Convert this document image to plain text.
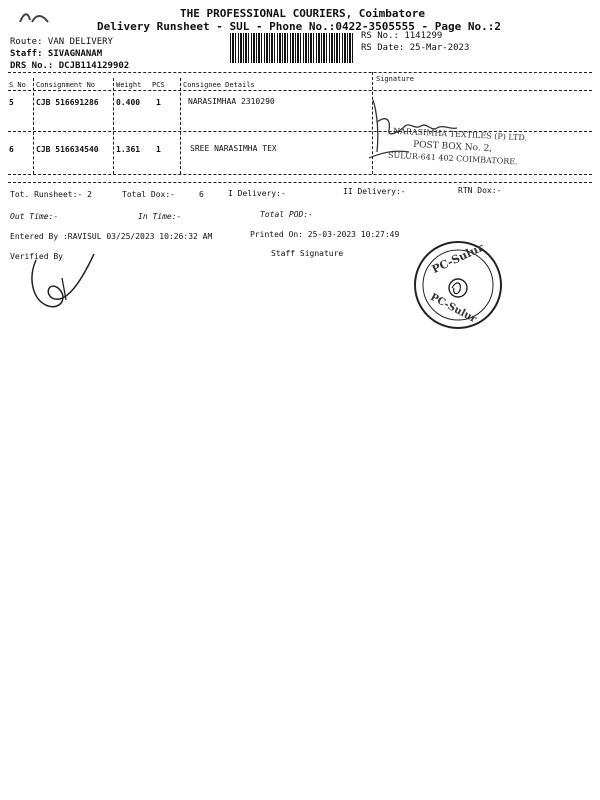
THE PROFESSIONAL COURIERS, Coimbatore
Delivery Runsheet - SUL - Phone No.:0422-3505555 - Page No.:2
Route: VAN DELIVERY
Staff: SIVAGNANAM
DRS No.: DCJB114129902
RS No.: 1141299
RS Date: 25-Mar-2023
S No Consignment No	Weight PCS	Consignee Details
Signature
5	CJB 516691286 0.400 1	NARASIMHAA 2310290
6	CJB 516634540 1.361 1	SREE NARASIMHA TEX
NARASIMHA TEXTILES (P) LTD.
POST BOX No. 2,
SULUR-641 402 COIMBATORE.
Tot. Runsheet:- 2	Total Dox:-	6	I Delivery:-	II Delivery:-	RTN Dox:-
Out Time:-	In Time:-	Total POD:-
Entered By :RAVISUL 03/25/2023 10:26:32 AM	Printed On: 25-03-2023 10:27:49
Verified By	Staff Signature	PC-Sulur
PC-Sulur
